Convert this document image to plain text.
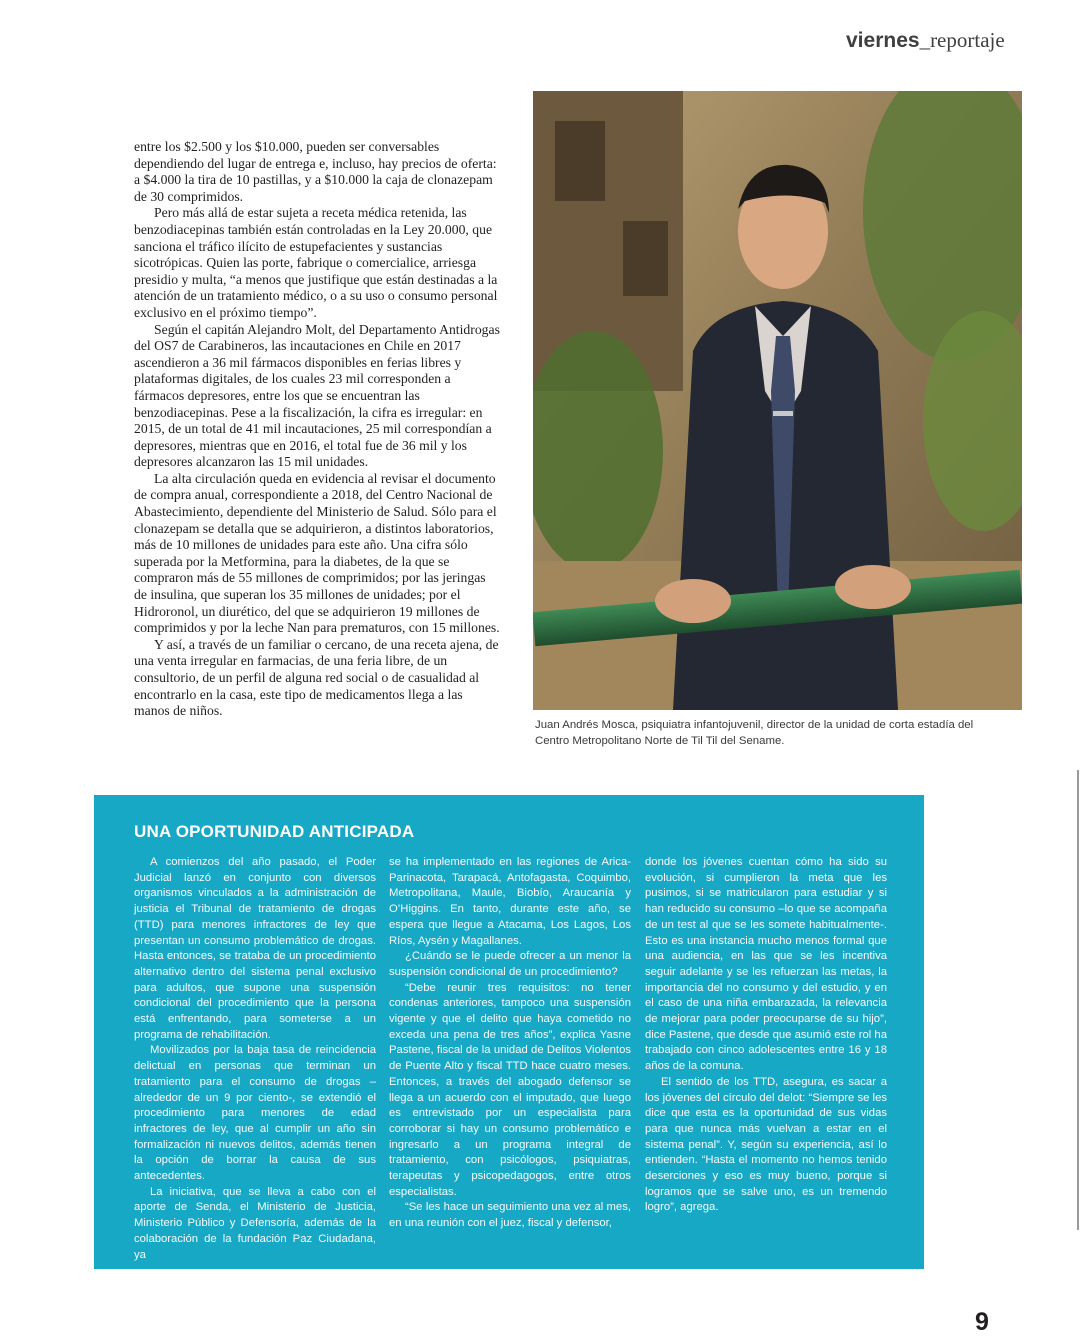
viernes_reportaje

entre los $2.500 y los $10.000, pueden ser conversables dependiendo del lugar de entrega e, incluso, hay precios de oferta: a $4.000 la tira de 10 pastillas, y a $10.000 la caja de clonazepam de 30 comprimidos.

Pero más allá de estar sujeta a receta médica retenida, las benzodiacepinas también están controladas en la Ley 20.000, que sanciona el tráfico ilícito de estupefacientes y sustancias sicotrópicas. Quien las porte, fabrique o comercialice, arriesga presidio y multa, “a menos que justifique que están destinadas a la atención de un tratamiento médico, o a su uso o consumo personal exclusivo en el próximo tiempo”.

Según el capitán Alejandro Molt, del Departamento Antidrogas del OS7 de Carabineros, las incautaciones en Chile en 2017 ascendieron a 36 mil fármacos disponibles en ferias libres y plataformas digitales, de los cuales 23 mil corresponden a fármacos depresores, entre los que se encuentran las benzodiacepinas. Pese a la fiscalización, la cifra es irregular: en 2015, de un total de 41 mil incautaciones, 25 mil correspondían a depresores, mientras que en 2016, el total fue de 36 mil y los depresores alcanzaron las 15 mil unidades.

La alta circulación queda en evidencia al revisar el documento de compra anual, correspondiente a 2018, del Centro Nacional de Abastecimiento, dependiente del Ministerio de Salud. Sólo para el clonazepam se detalla que se adquirieron, a distintos laboratorios, más de 10 millones de unidades para este año. Una cifra sólo superada por la Metformina, para la diabetes, de la que se compraron más de 55 millones de comprimidos; por las jeringas de insulina, que superan los 35 millones de unidades; por el Hidroronol, un diurético, del que se adquirieron 19 millones de comprimidos y por la leche Nan para prematuros, con 15 millones.

Y así, a través de un familiar o cercano, de una receta ajena, de una venta irregular en farmacias, de una feria libre, de un consultorio, de un perfil de alguna red social o de casualidad al encontrarlo en la casa, este tipo de medicamentos llega a las manos de niños.

Juan Andrés Mosca, psiquiatra infantojuvenil, director de la unidad de corta estadía del Centro Metropolitano Norte de Til Til del Sename.
UNA OPORTUNIDAD ANTICIPADA

A comienzos del año pasado, el Poder Judicial lanzó en conjunto con diversos organismos vinculados a la administración de justicia el Tribunal de tratamiento de drogas (TTD) para menores infractores de ley que presentan un consumo problemático de drogas. Hasta entonces, se trataba de un procedimiento alternativo dentro del sistema penal exclusivo para adultos, que supone una suspensión condicional del procedimiento que la persona está enfrentando, para someterse a un programa de rehabilitación.

Movilizados por la baja tasa de reincidencia delictual en personas que terminan un tratamiento para el consumo de drogas –alrededor de un 9 por ciento-, se extendió el procedimiento para menores de edad infractores de ley, que al cumplir un año sin formalización ni nuevos delitos, además tienen la opción de borrar la causa de sus antecedentes.

La iniciativa, que se lleva a cabo con el aporte de Senda, el Ministerio de Justicia, Ministerio Público y Defensoría, además de la colaboración de la fundación Paz Ciudadana, ya

se ha implementado en las regiones de Arica-Parinacota, Tarapacá, Antofagasta, Coquimbo, Metropolitana, Maule, Biobío, Araucanía y O’Higgins. En tanto, durante este año, se espera que llegue a Atacama, Los Lagos, Los Ríos, Aysén y Magallanes.

¿Cuándo se le puede ofrecer a un menor la suspensión condicional de un procedimiento?

“Debe reunir tres requisitos: no tener condenas anteriores, tampoco una suspensión vigente y que el delito que haya cometido no exceda una pena de tres años”, explica Yasne Pastene, fiscal de la unidad de Delitos Violentos de Puente Alto y fiscal TTD hace cuatro meses. Entonces, a través del abogado defensor se llega a un acuerdo con el imputado, que luego es entrevistado por un especialista para corroborar si hay un consumo problemático e ingresarlo a un programa integral de tratamiento, con psicólogos, psiquiatras, terapeutas y psicopedagogos, entre otros especialistas.

“Se les hace un seguimiento una vez al mes, en una reunión con el juez, fiscal y defensor,

donde los jóvenes cuentan cómo ha sido su evolución, si cumplieron la meta que les pusimos, si se matricularon para estudiar y si han reducido su consumo –lo que se acompaña de un test al que se les somete habitualmente-. Esto es una instancia mucho menos formal que una audiencia, en las que se les incentiva seguir adelante y se les refuerzan las metas, la importancia del no consumo y del estudio, y en el caso de una niña embarazada, la relevancia de mejorar para poder preocuparse de su hijo”, dice Pastene, que desde que asumió este rol ha trabajado con cinco adolescentes entre 16 y 18 años de la comuna.

El sentido de los TTD, asegura, es sacar a los jóvenes del círculo del delot: “Siempre se les dice que esta es la oportunidad de sus vidas para que nunca más vuelvan a estar en el sistema penal”. Y, según su experiencia, así lo entienden. “Hasta el momento no hemos tenido deserciones y eso es muy bueno, porque si logramos que se salve uno, es un tremendo logro”, agrega.

9
